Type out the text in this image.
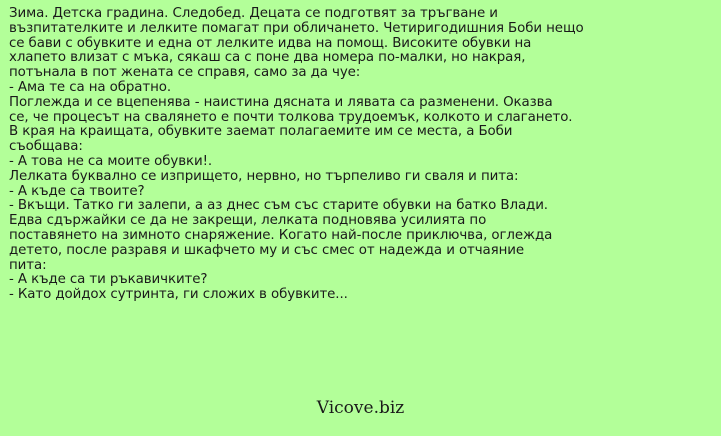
Зима. Детска градина. Следобед. Децата се подготвят за тръгване и

възпитателките и лелките помагат при обличането. Четиригодишния Боби нещо

се бави с обувките и една от лелките идва на помощ. Високите обувки на

хлапето влизат с мъка, сякаш са с поне два номера по-малки, но накрая,

потънала в пот жената се справя, само за да чуе:

- Ама те са на обратно.

Поглежда и се вцепенява - наистина дясната и лявата са разменени. Оказва

се, че процесът на свалянето е почти толкова трудоемък, колкото и слагането.

В края на краищата, обувките заемат полагаемите им се места, а Боби

съобщава:

- А това не са моите обувки!.

Лелката буквално се изпрището, нервно, но търпеливо ги сваля и пита:

- А къде са твоите?

- Вкъщи. Татко ги залепи, а аз днес съм със старите обувки на батко Влади.

Едва сдържайки се да не закрещи, лелката подновява усилията по

поставянето на зимното снаряжение. Когато най-после приключва, оглежда

детето, после разравя и шкафчето му и със смес от надежда и отчаяние

пита:

- А къде са ти ръкавичките?

- Като дойдох сутринта, ги сложих в обувките...

Vicove.biz
